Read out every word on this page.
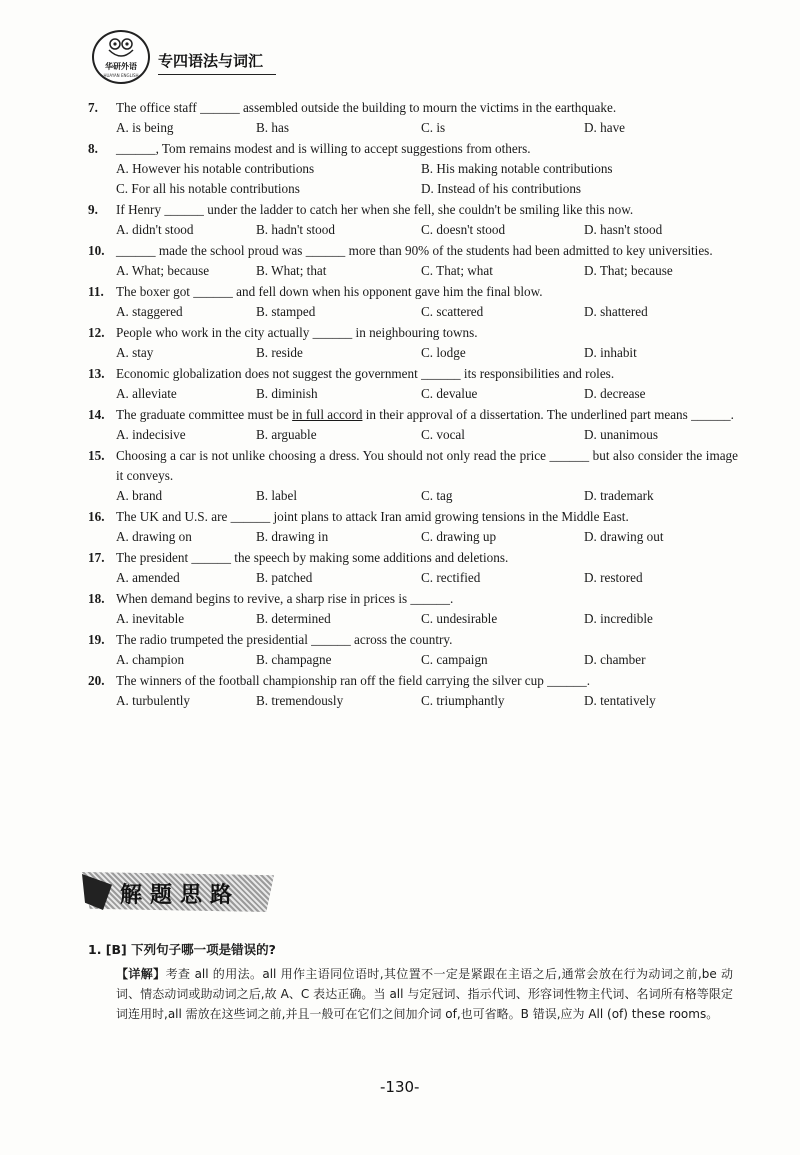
华研外语
HUAYAN ENGLISH
专四语法与词汇
7.	The office staff ______ assembled outside the building to mourn the victims in the earthquake.
A. is being	B. has	C. is	D. have
8.	______, Tom remains modest and is willing to accept suggestions from others.
A. However his notable contributions	B. His making notable contributions
C. For all his notable contributions	D. Instead of his contributions
9.	If Henry ______ under the ladder to catch her when she fell, she couldn't be smiling like this now.
A. didn't stood	B. hadn't stood	C. doesn't stood	D. hasn't stood
10. ______ made the school proud was ______ more than 90% of the students had been admitted to key universities.
A. What; because	B. What; that	C. That; what	D. That; because
11. The boxer got ______ and fell down when his opponent gave him the final blow.
A. staggered	B. stamped	C. scattered	D. shattered
12. People who work in the city actually ______ in neighbouring towns.
A. stay	B. reside	C. lodge	D. inhabit
13. Economic globalization does not suggest the government ______ its responsibilities and roles.
A. alleviate	B. diminish	C. devalue	D. decrease
14. The graduate committee must be in full accord in their approval of a dissertation. The underlined part means ______.
A. indecisive	B. arguable	C. vocal	D. unanimous
15. Choosing a car is not unlike choosing a dress. You should not only read the price ______ but also consider the image it conveys.
A. brand	B. label	C. tag	D. trademark
16. The UK and U.S. are ______ joint plans to attack Iran amid growing tensions in the Middle East.
A. drawing on	B. drawing in	C. drawing up	D. drawing out
17. The president ______ the speech by making some additions and deletions.
A. amended	B. patched	C. rectified	D. restored
18. When demand begins to revive, a sharp rise in prices is ______.
A. inevitable	B. determined	C. undesirable	D. incredible
19. The radio trumpeted the presidential ______ across the country.
A. champion	B. champagne	C. campaign	D. chamber
20. The winners of the football championship ran off the field carrying the silver cup ______.
A. turbulently	B. tremendously	C. triumphantly	D. tentatively
解题思路
1. [B] 下列句子哪一项是错误的?
【详解】考查 all 的用法。all 用作主语同位语时,其位置不一定是紧跟在主语之后,通常会放在行为动词之前,be 动词、情态动词或助动词之后,故 A、C 表达正确。当 all 与定冠词、指示代词、形容词性物主代词、名词所有格等限定词连用时,all 需放在这些词之前,并且一般可在它们之间加介词 of,也可省略。B 错误,应为 All (of) these rooms。
-130-
